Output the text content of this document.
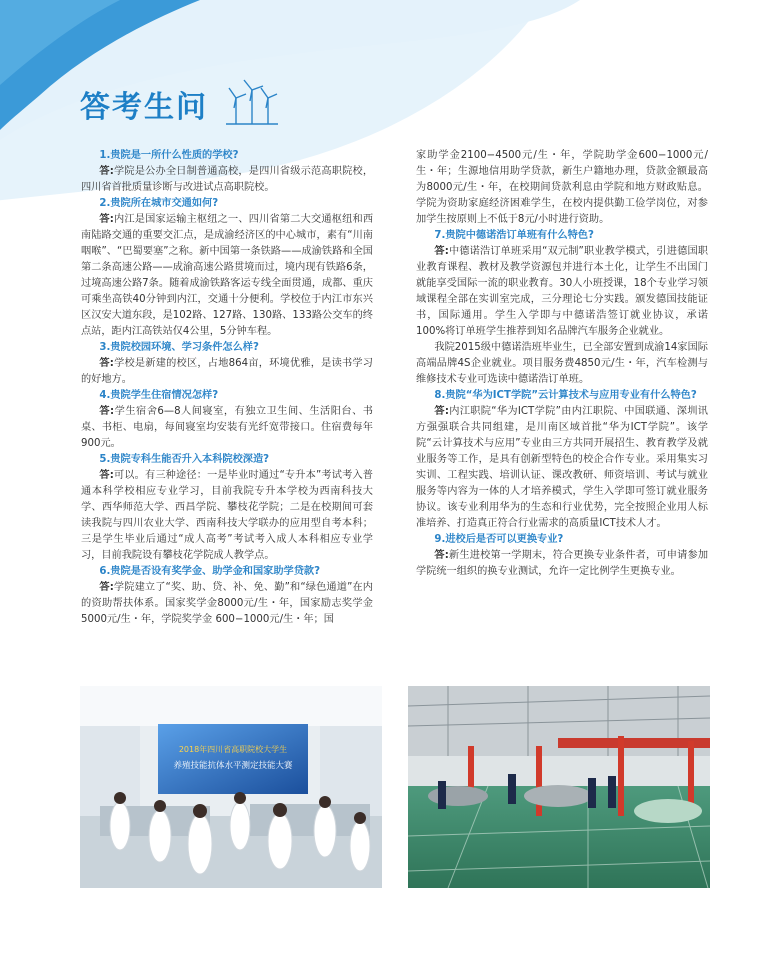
答考生问

1.贵院是一所什么性质的学校?

答:学院是公办全日制普通高校，是四川省级示范高职院校，四川省首批质量诊断与改进试点高职院校。

2.贵院所在城市交通如何?

答:内江是国家运输主枢纽之一、四川省第二大交通枢纽和西南陆路交通的重要交汇点，是成渝经济区的中心城市，素有“川南咽喉”、“巴蜀要塞”之称。新中国第一条铁路——成渝铁路和全国第二条高速公路——成渝高速公路贯境而过，境内现有铁路6条，过境高速公路7条。随着成渝铁路客运专线全面贯通，成都、重庆可乘坐高铁40分钟到内江，交通十分便利。学校位于内江市东兴区汉安大道东段，是102路、127路、130路、133路公交车的终点站，距内江高铁站仅4公里，5分钟车程。

3.贵院校园环境、学习条件怎么样?

答:学校是新建的校区，占地864亩，环境优雅，是读书学习的好地方。

4.贵院学生住宿情况怎样?

答:学生宿舍6—8人间寝室，有独立卫生间、生活阳台、书桌、书柜、电扇，每间寝室均安装有光纤宽带接口。住宿费每年900元。

5.贵院专科生能否升入本科院校深造?

答:可以。有三种途径：一是毕业时通过“专升本”考试考入普通本科学校相应专业学习，目前我院专升本学校为西南科技大学、西华师范大学、西昌学院、攀枝花学院；二是在校期间可套读我院与四川农业大学、西南科技大学联办的应用型自考本科；三是学生毕业后通过“成人高考”考试考入成人本科相应专业学习，目前我院设有攀枝花学院成人教学点。

6.贵院是否设有奖学金、助学金和国家助学贷款?

答:学院建立了“奖、助、贷、补、免、勤”和“绿色通道”在内的资助帮扶体系。国家奖学金8000元/生・年，国家励志奖学金5000元/生・年，学院奖学金 600−1000元/生・年；国

家助学金2100−4500元/生・年，学院助学金600−1000元/生・年；生源地信用助学贷款，新生户籍地办理，贷款金额最高为8000元/生・年，在校期间贷款利息由学院和地方财政贴息。学院为资助家庭经济困难学生，在校内提供勤工俭学岗位，对参加学生按原则上不低于8元/小时进行资助。

7.贵院中德诺浩订单班有什么特色?

答:中德诺浩订单班采用“双元制”职业教学模式，引进德国职业教育课程、教材及教学资源包并进行本土化，让学生不出国门就能享受国际一流的职业教育。30人小班授课，18个专业学习领域课程全部在实训室完成，三分理论七分实践。颁发德国技能证书，国际通用。学生入学即与中德诺浩签订就业协议，承诺100%将订单班学生推荐到知名品牌汽车服务企业就业。

我院2015级中德诺浩班毕业生，已全部安置到成渝14家国际高端品牌4S企业就业。项目服务费4850元/生・年，汽车检测与维修技术专业可选读中德诺浩订单班。

8.贵院“华为ICT学院”云计算技术与应用专业有什么特色?

答:内江职院“华为ICT学院”由内江职院、中国联通、深圳讯方强强联合共同组建，是川南区域首批“华为ICT学院”。该学院“云计算技术与应用”专业由三方共同开展招生、教育教学及就业服务等工作，是具有创新型特色的校企合作专业。采用集实习实训、工程实践、培训认证、课改教研、师资培训、考试与就业服务等内容为一体的人才培养模式，学生入学即可签订就业服务协议。该专业利用华为的生态和行业优势，完全按照企业用人标准培养、打造真正符合行业需求的高质量ICT技术人才。

9.进校后是否可以更换专业?

答:新生进校第一学期末，符合更换专业条件者，可申请参加学院统一组织的换专业测试，允许一定比例学生更换专业。

2018年四川省高职院校大学生
养殖技能抗体水平测定技能大赛
